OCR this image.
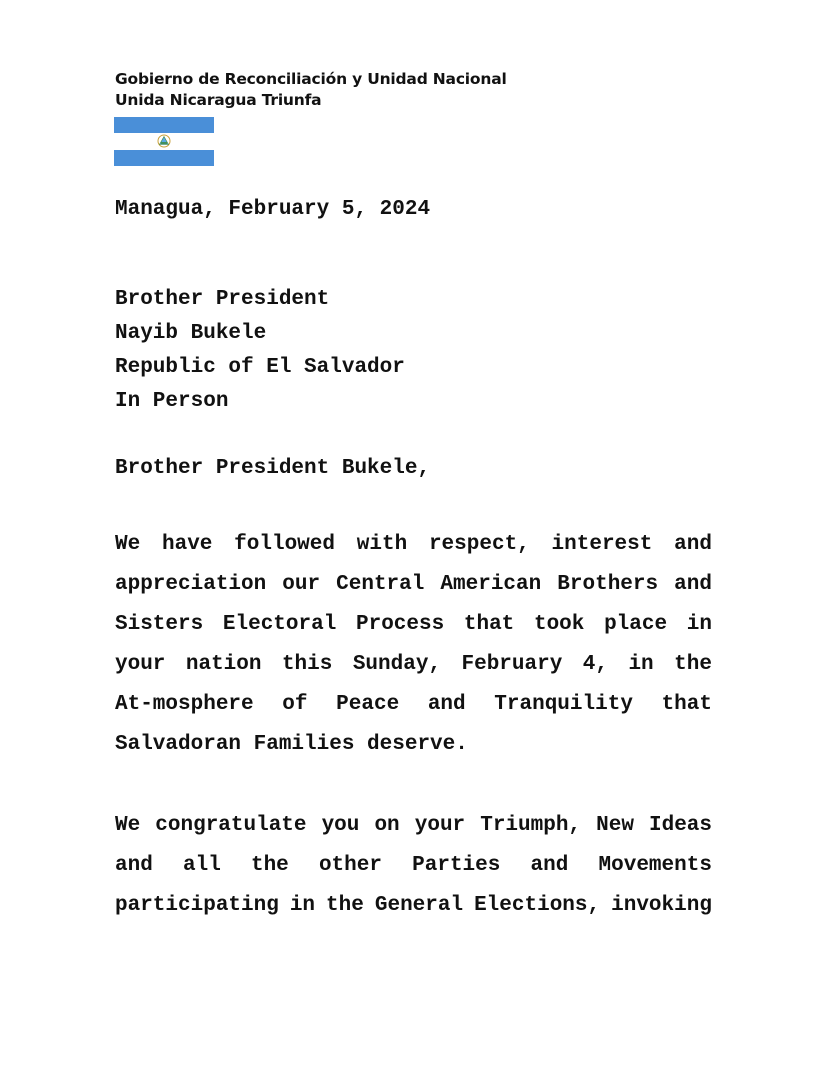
Gobierno de Reconciliación y Unidad Nacional
Unida Nicaragua Triunfa
Managua, February 5, 2024
Brother President
Nayib Bukele
Republic of El Salvador
In Person
Brother President Bukele,
We have followed with respect, interest and
appreciation our Central American Brothers and
Sisters Electoral Process that took place in
your nation this Sunday, February 4, in the
At-mosphere of Peace and Tranquility that
Salvadoran Families deserve.
We congratulate you on your Triumph, New Ideas
and all the other Parties and Movements
participating in the General Elections, invoking
